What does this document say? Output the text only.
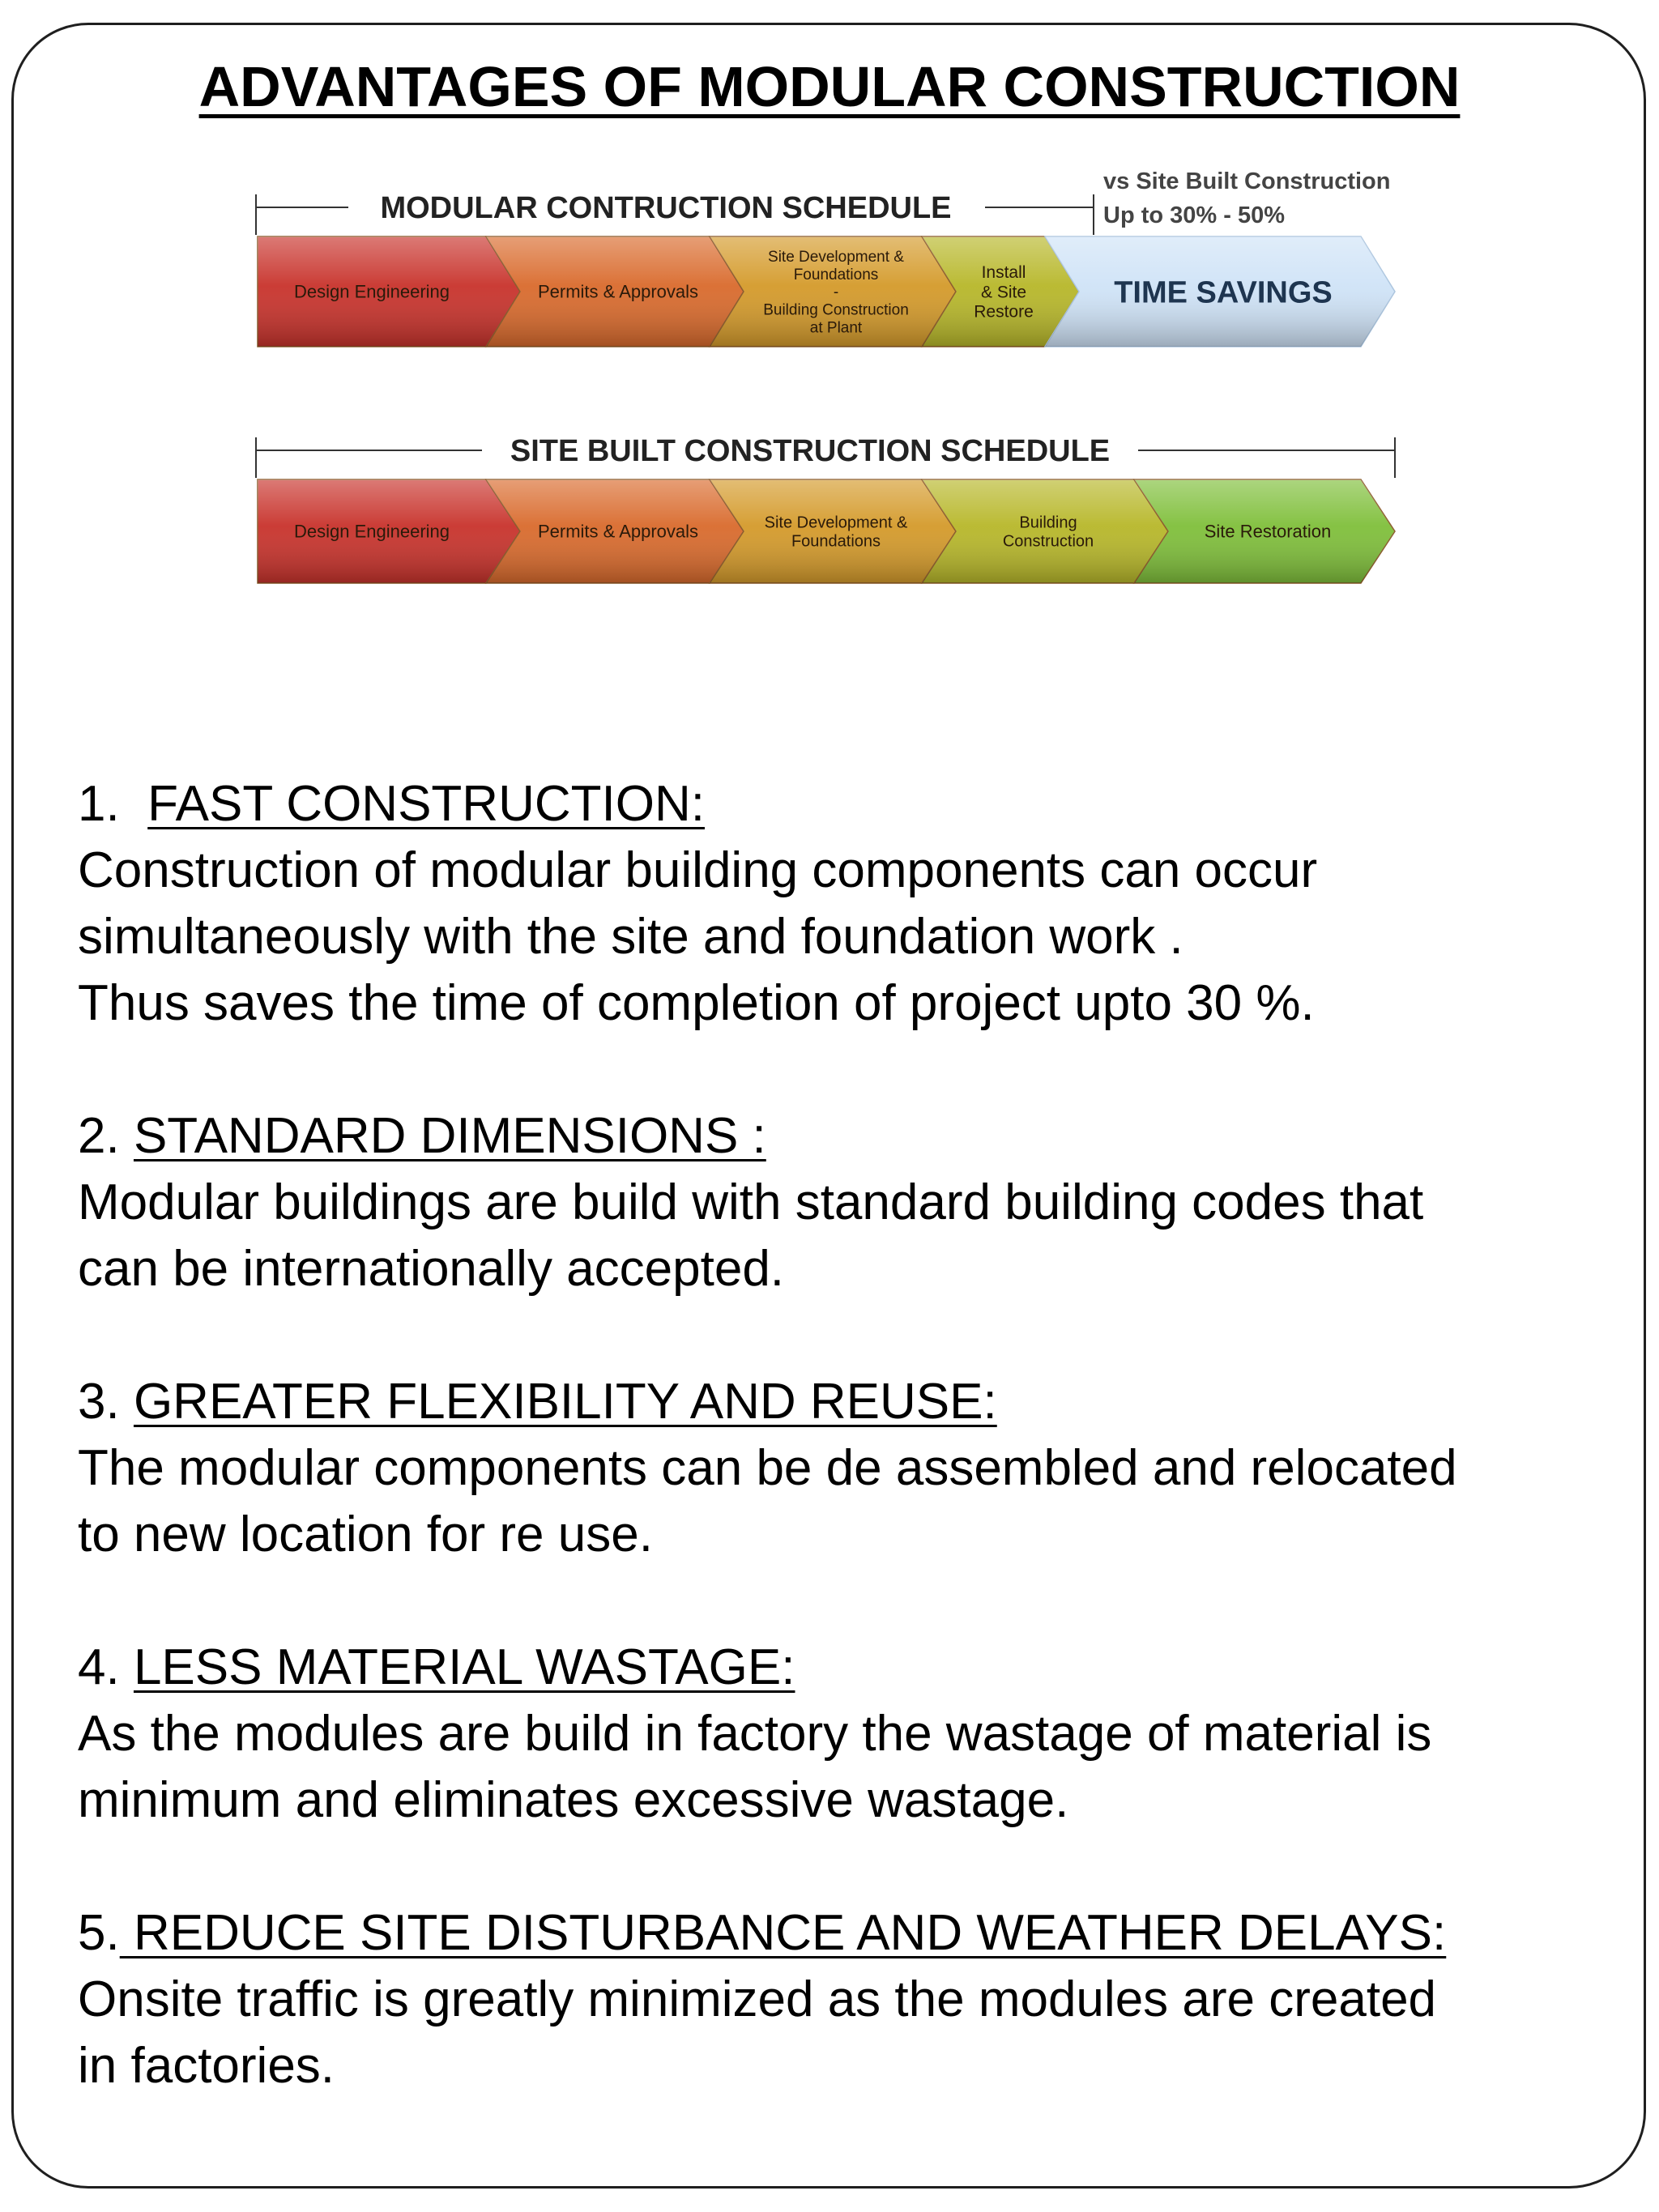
ADVANTAGES OF MODULAR CONSTRUCTION
MODULAR CONTRUCTION SCHEDULE
vs Site Built Construction
Up to 30% - 50%
Design Engineering	Permits & Approvals
Site Development &
Foundations
-
Building Construction
at Plant
Install
& Site
Restore
TIME SAVINGS
SITE BUILT CONSTRUCTION SCHEDULE
Design Engineering	Permits & Approvals	Site Development &
Foundations
Building
Construction	Site Restoration
1. FAST CONSTRUCTION:
Construction of modular building components can occur
simultaneously with the site and foundation work .
Thus saves the time of completion of project upto 30 %.
2. STANDARD DIMENSIONS :
Modular buildings are build with standard building codes that
can be internationally accepted.
3. GREATER FLEXIBILITY AND REUSE:
The modular components can be de assembled and relocated
to new location for re use.
4. LESS MATERIAL WASTAGE:
As the modules are build in factory the wastage of material is
minimum and eliminates excessive wastage.
5. REDUCE SITE DISTURBANCE AND WEATHER DELAYS:
Onsite traffic is greatly minimized as the modules are created
in factories.
